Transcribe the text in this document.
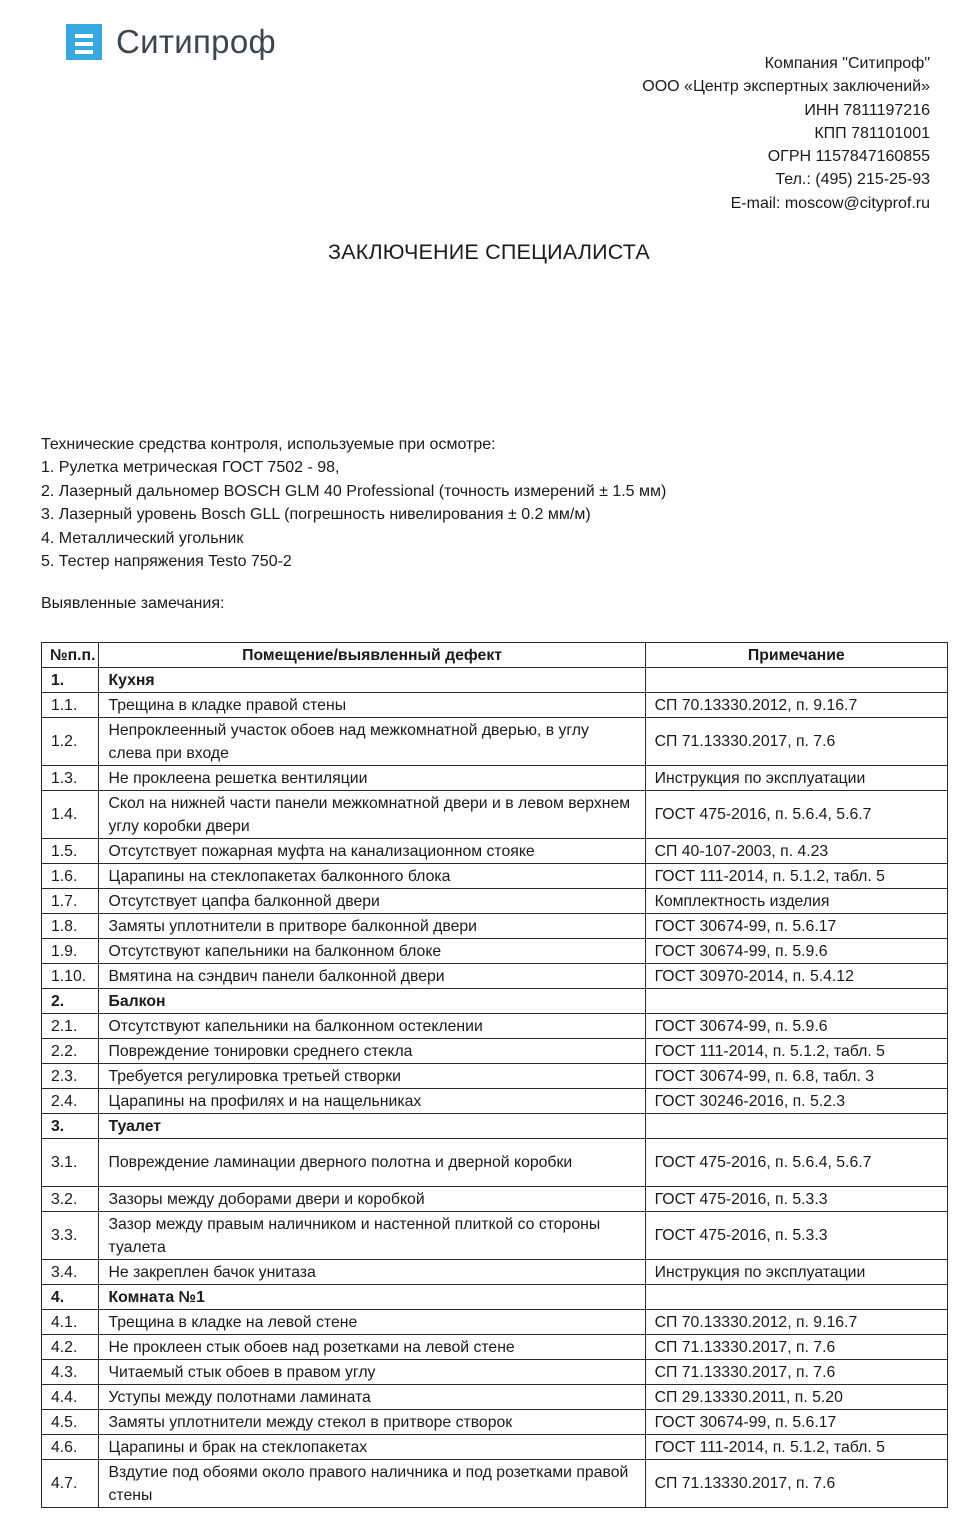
Ситипроф
Компания "Ситипроф"
ООО «Центр экспертных заключений»
ИНН 7811197216
КПП 781101001
ОГРН 1157847160855
Тел.: (495) 215-25-93
E-mail: moscow@cityprof.ru
ЗАКЛЮЧЕНИЕ СПЕЦИАЛИСТА
Технические средства контроля, используемые при осмотре:
1. Рулетка метрическая ГОСТ 7502 - 98,
2. Лазерный дальномер BOSCH GLM 40 Professional (точность измерений ± 1.5 мм)
3. Лазерный уровень Bosch GLL (погрешность нивелирования ± 0.2 мм/м)
4. Металлический угольник
5. Тестер напряжения Testo 750-2
Выявленные замечания:
№п.п.	Помещение/выявленный дефект	Примечание
1.	Кухня	
1.1.	Трещина в кладке правой стены	СП 70.13330.2012, п. 9.16.7
1.2.	Непроклеенный участок обоев над межкомнатной дверью, в углу слева при входе	СП 71.13330.2017, п. 7.6
1.3.	Не проклеена решетка вентиляции	Инструкция по эксплуатации
1.4.	Скол на нижней части панели межкомнатной двери и в левом верхнем углу коробки двери	ГОСТ 475-2016, п. 5.6.4, 5.6.7
1.5.	Отсутствует пожарная муфта на канализационном стояке	СП 40-107-2003, п. 4.23
1.6.	Царапины на стеклопакетах балконного блока	ГОСТ 111-2014, п. 5.1.2, табл. 5
1.7.	Отсутствует цапфа балконной двери	Комплектность изделия
1.8.	Замяты уплотнители в притворе балконной двери	ГОСТ 30674-99, п. 5.6.17
1.9.	Отсутствуют капельники на балконном блоке	ГОСТ 30674-99, п. 5.9.6
1.10.	Вмятина на сэндвич панели балконной двери	ГОСТ 30970-2014, п. 5.4.12
2.	Балкон	
2.1.	Отсутствуют капельники на балконном остеклении	ГОСТ 30674-99, п. 5.9.6
2.2.	Повреждение тонировки среднего стекла	ГОСТ 111-2014, п. 5.1.2, табл. 5
2.3.	Требуется регулировка третьей створки	ГОСТ 30674-99, п. 6.8, табл. 3
2.4.	Царапины на профилях и на нащельниках	ГОСТ 30246-2016, п. 5.2.3
3.	Туалет	
3.1.	Повреждение ламинации дверного полотна и дверной коробки	ГОСТ 475-2016, п. 5.6.4, 5.6.7
3.2.	Зазоры между доборами двери и коробкой	ГОСТ 475-2016, п. 5.3.3
3.3.	Зазор между правым наличником и настенной плиткой со стороны туалета	ГОСТ 475-2016, п. 5.3.3
3.4.	Не закреплен бачок унитаза	Инструкция по эксплуатации
4.	Комната №1	
4.1.	Трещина в кладке на левой стене	СП 70.13330.2012, п. 9.16.7
4.2.	Не проклеен стык обоев над розетками на левой стене	СП 71.13330.2017, п. 7.6
4.3.	Читаемый стык обоев в правом углу	СП 71.13330.2017, п. 7.6
4.4.	Уступы между полотнами ламината	СП 29.13330.2011, п. 5.20
4.5.	Замяты уплотнители между стекол в притворе створок	ГОСТ 30674-99, п. 5.6.17
4.6.	Царапины и брак на стеклопакетах	ГОСТ 111-2014, п. 5.1.2, табл. 5
4.7.	Вздутие под обоями около правого наличника и под розетками правой стены	СП 71.13330.2017, п. 7.6
